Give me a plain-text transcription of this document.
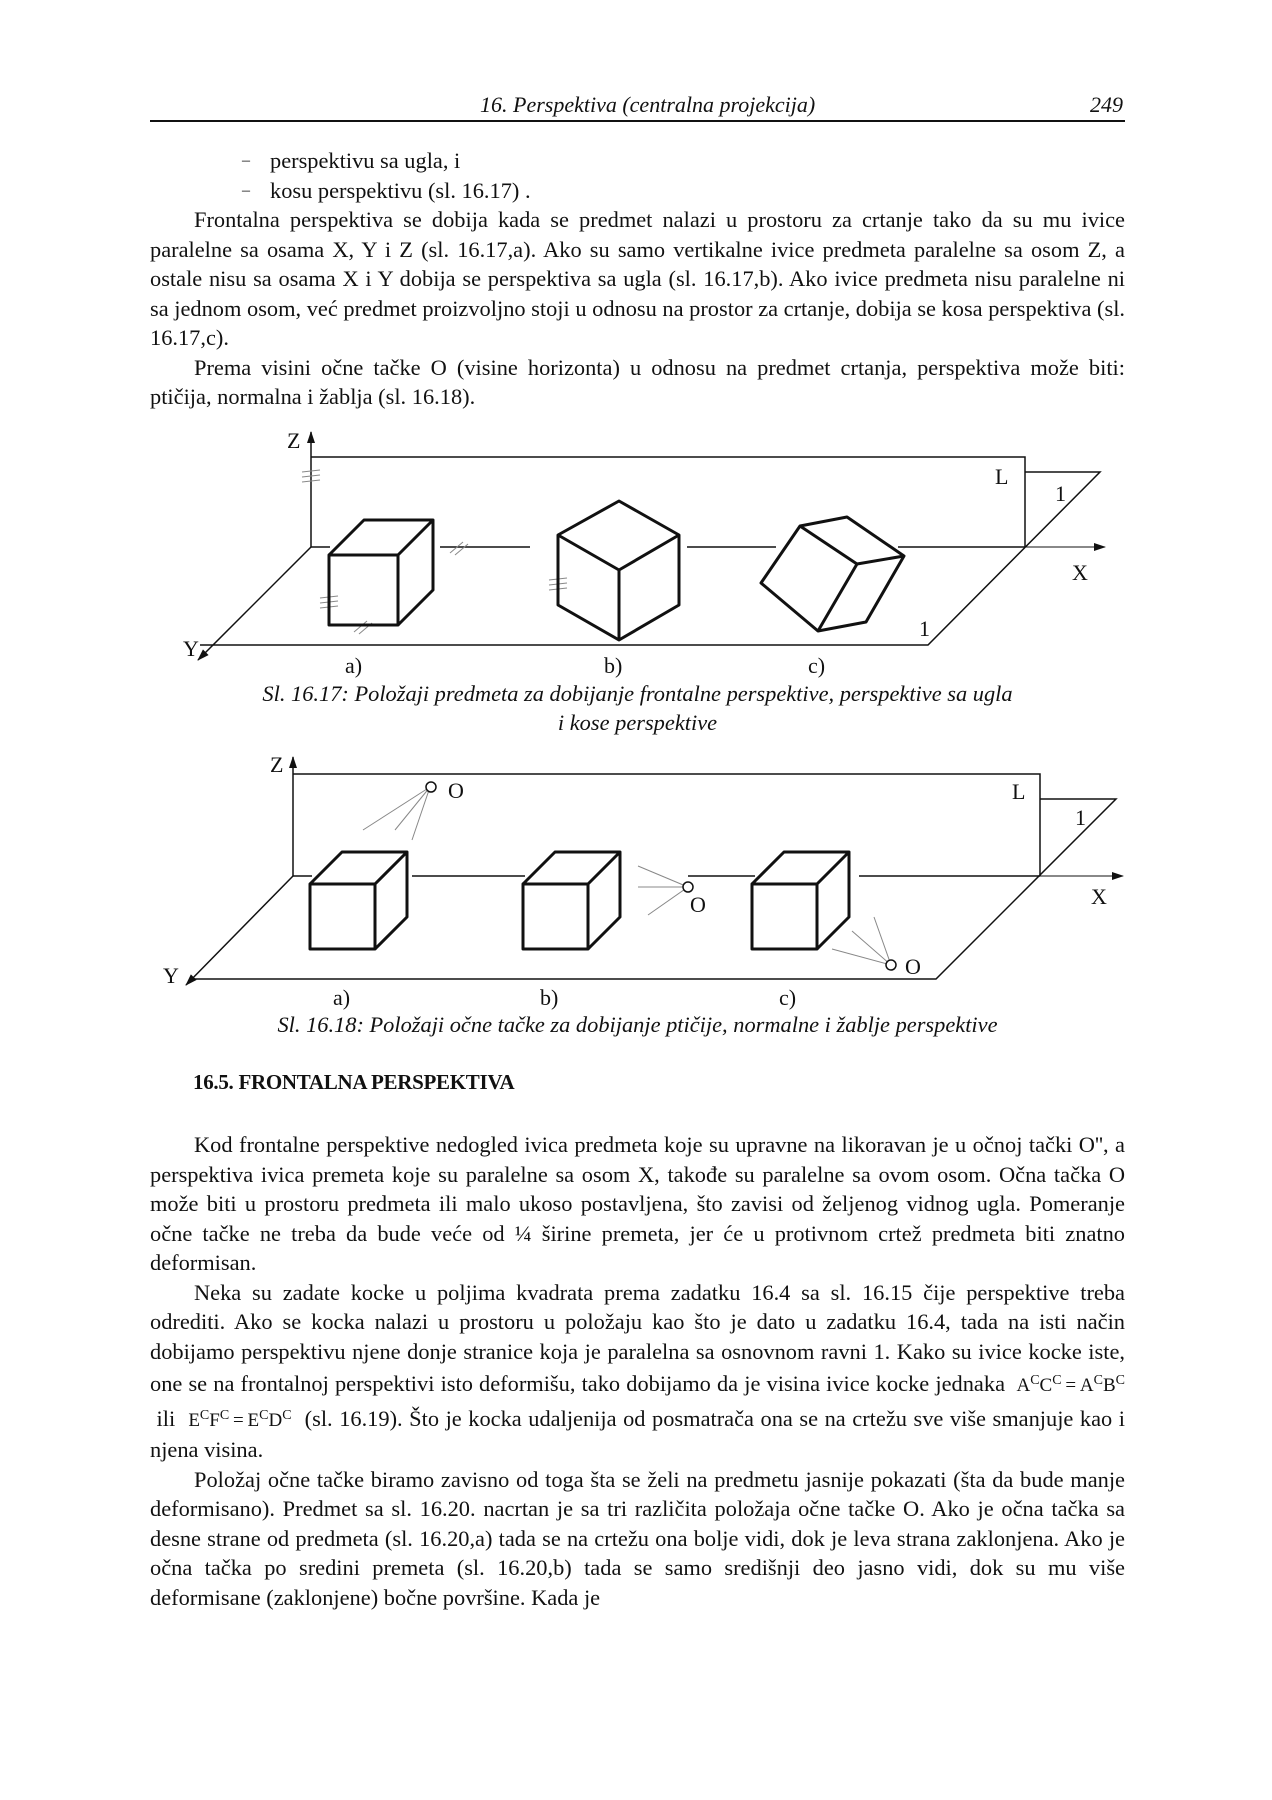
16. Perspektiva (centralna projekcija)	249
– perspektivu sa ugla, i
– kosu perspektivu (sl. 16.17) .

Frontalna perspektiva se dobija kada se predmet nalazi u prostoru za crtanje tako da su mu ivice paralelne sa osama X, Y i Z (sl. 16.17,a). Ako su samo vertikalne ivice predmeta paralelne sa osom Z, a ostale nisu sa osama X i Y dobija se perspektiva sa ugla (sl. 16.17,b). Ako ivice predmeta nisu paralelne ni sa jednom osom, već predmet proizvoljno stoji u odnosu na prostor za crtanje, dobija se kosa perspektiva (sl. 16.17,c).

Prema visini očne tačke O (visine horizonta) u odnosu na predmet crtanja, perspektiva može biti: ptičija, normalna i žablja (sl. 16.18).

Z
Y
X
L
1
1
a)	b)	c)
Sl. 16.17: Položaji predmeta za dobijanje frontalne perspektive, perspektive sa ugla
i kose perspektive
Z
Y
X
L
1
O
O
O
a)	b)	c)
Sl. 16.18: Položaji očne tačke za dobijanje ptičije, normalne i žablje perspektive
16.5. FRONTALNA PERSPEKTIVA

Kod frontalne perspektive nedogled ivica predmeta koje su upravne na likoravan je u očnoj tački O'', a perspektiva ivica premeta koje su paralelne sa osom X, takođe su paralelne sa ovom osom. Očna tačka O može biti u prostoru predmeta ili malo ukoso postavljena, što zavisi od željenog vidnog ugla. Pomeranje očne tačke ne treba da bude veće od ¼ širine premeta, jer će u protivnom crtež predmeta biti znatno deformisan.

Neka su zadate kocke u poljima kvadrata prema zadatku 16.4 sa sl. 16.15 čije perspektive treba odrediti. Ako se kocka nalazi u prostoru u položaju kao što je dato u zadatku 16.4, tada na isti način dobijamo perspektivu njene donje stranice koja je paralelna sa osnovnom ravni 1. Kako su ivice kocke iste, one se na frontalnoj perspektivi isto deformišu, tako dobijamo da je visina ivice kocke jednaka $A^CC^C = A^CB^C$  ili $E^CF^C = E^CD^C$ (sl. 16.19). Što je kocka udaljenija od posmatrača ona se na crtežu sve više smanjuje kao i njena visina.

Položaj očne tačke biramo zavisno od toga šta se želi na predmetu jasnije pokazati (šta da bude manje deformisano). Predmet sa sl. 16.20. nacrtan je sa tri različita položaja očne tačke O. Ako je očna tačka sa desne strane od predmeta (sl. 16.20,a) tada se na crtežu ona bolje vidi, dok je leva strana zaklonjena. Ako je očna tačka po sredini premeta (sl. 16.20,b) tada se samo središnji deo jasno vidi, dok su mu više deformisane (zaklonjene) bočne površine. Kada je
